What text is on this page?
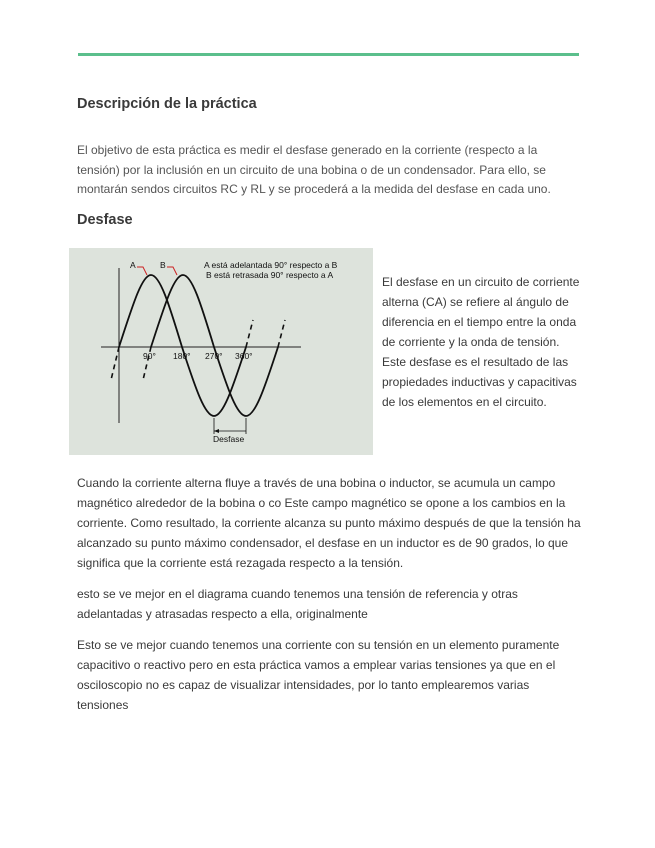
Descripción de la práctica

El objetivo de esta práctica es medir el desfase generado en la corriente (respecto a la tensión) por la inclusión en un circuito de una bobina o de un condensador. Para ello, se montarán sendos circuitos RC y RL y se procederá a la medida del desfase en cada uno.

Desfase
A	B	A está adelantada 90° respecto a B
B está retrasada 90° respecto a A
90° 180° 270° 360°
Desfase

El desfase en un circuito de corriente alterna (CA) se refiere al ángulo de diferencia en el tiempo entre la onda de corriente y la onda de tensión. Este desfase es el resultado de las propiedades inductivas y capacitivas de los elementos en el circuito.

Cuando la corriente alterna fluye a través de una bobina o inductor, se acumula un campo magnético alrededor de la bobina o co Este campo magnético se opone a los cambios en la corriente. Como resultado, la corriente alcanza su punto máximo después de que la tensión ha alcanzado su punto máximo condensador, el desfase en un inductor es de 90 grados, lo que significa que la corriente está rezagada respecto a la tensión.

esto se ve mejor en el diagrama cuando tenemos una tensión de referencia y otras adelantadas y atrasadas respecto a ella, originalmente

Esto se ve mejor cuando tenemos una corriente con su tensión en un elemento puramente capacitivo o reactivo pero en esta práctica vamos a emplear varias tensiones ya que en el osciloscopio no es capaz de visualizar intensidades, por lo tanto emplearemos varias tensiones
